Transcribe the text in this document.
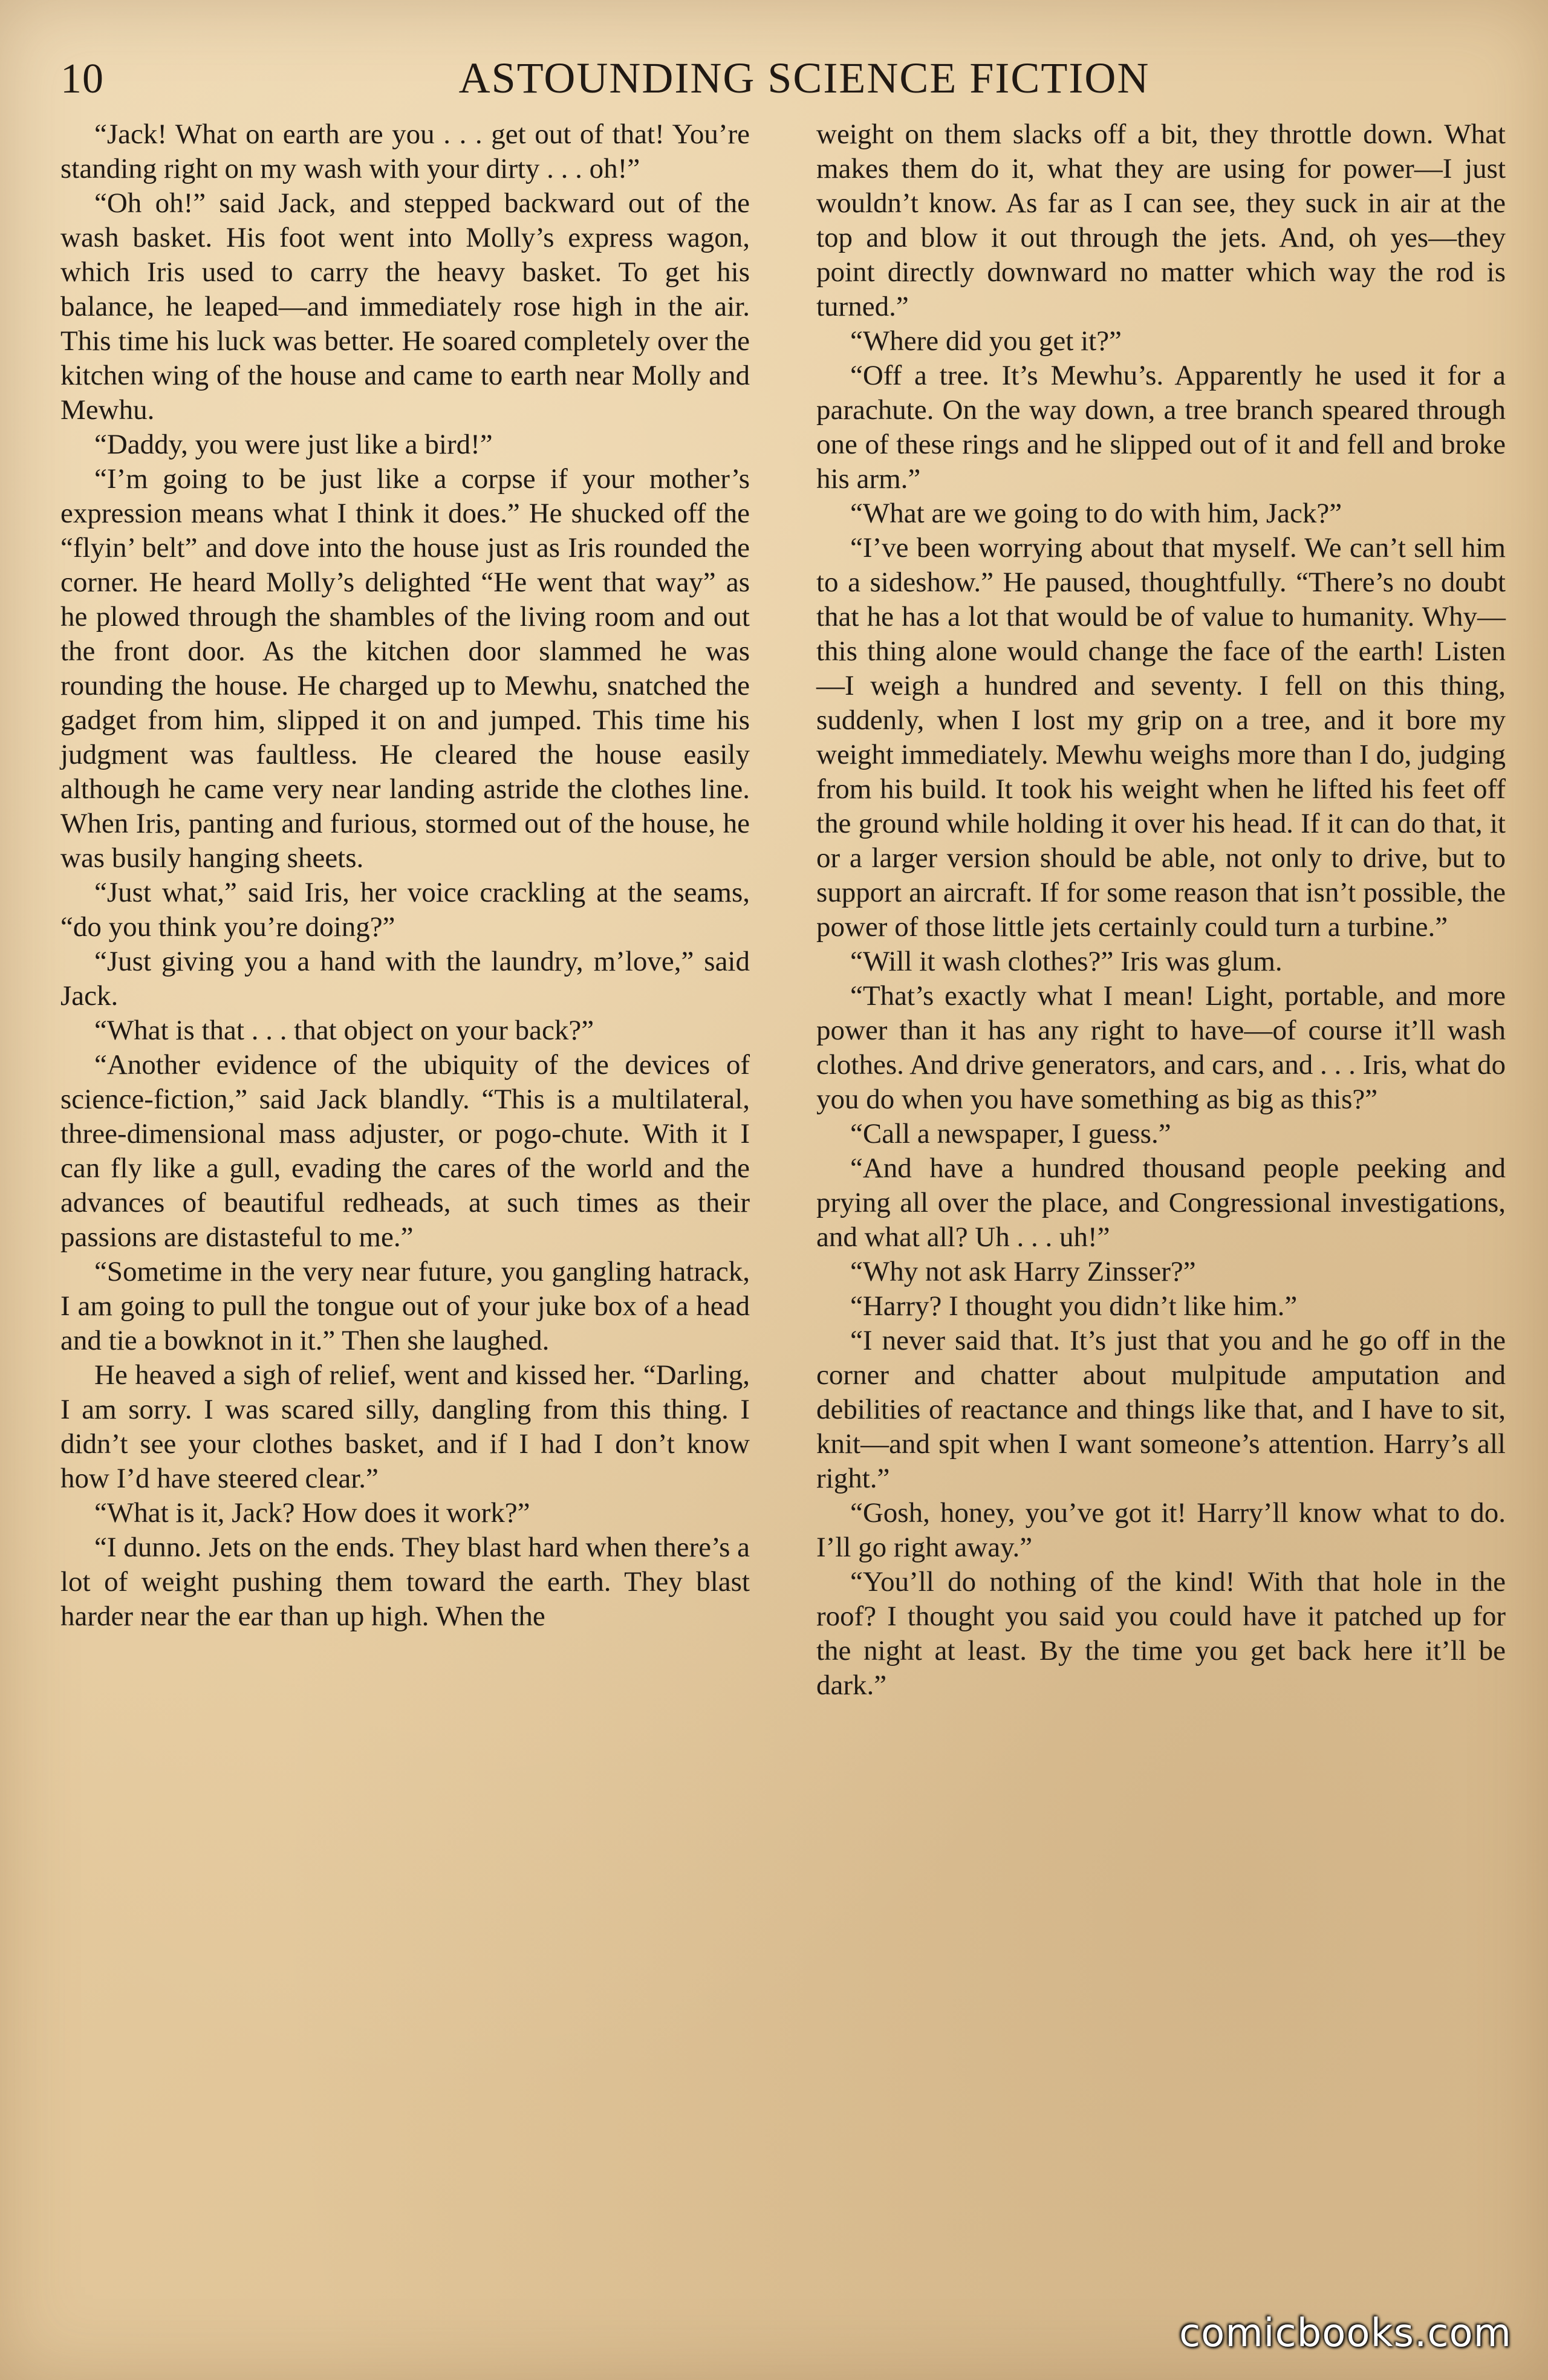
10	ASTOUNDING SCIENCE FICTION

“Jack! What on earth are you . . . get out of that! You’re standing right on my wash with your dirty . . . oh!”

“Oh oh!” said Jack, and stepped backward out of the wash basket. His foot went into Molly’s express wagon, which Iris used to carry the heavy basket. To get his balance, he leaped—and immediately rose high in the air. This time his luck was better. He soared completely over the kitchen wing of the house and came to earth near Molly and Mewhu.

“Daddy, you were just like a bird!”

“I’m going to be just like a corpse if your mother’s expression means what I think it does.” He shucked off the “flyin’ belt” and dove into the house just as Iris rounded the corner. He heard Molly’s delighted “He went that way” as he plowed through the shambles of the living room and out the front door. As the kitchen door slammed he was rounding the house. He charged up to Mewhu, snatched the gadget from him, slipped it on and jumped. This time his judgment was faultless. He cleared the house easily although he came very near landing astride the clothes line. When Iris, panting and furious, stormed out of the house, he was busily hanging sheets.

“Just what,” said Iris, her voice crackling at the seams, “do you think you’re doing?”

“Just giving you a hand with the laundry, m’love,” said Jack.

“What is that . . . that object on your back?”

“Another evidence of the ubiquity of the devices of science-fiction,” said Jack blandly. “This is a multilateral, three-dimensional mass adjuster, or pogo-chute. With it I can fly like a gull, evading the cares of the world and the advances of beautiful redheads, at such times as their passions are distasteful to me.”

“Sometime in the very near future, you gangling hatrack, I am going to pull the tongue out of your juke box of a head and tie a bowknot in it.” Then she laughed.

He heaved a sigh of relief, went and kissed her. “Darling, I am sorry. I was scared silly, dangling from this thing. I didn’t see your clothes basket, and if I had I don’t know how I’d have steered clear.”

“What is it, Jack? How does it work?”

“I dunno. Jets on the ends. They blast hard when there’s a lot of weight pushing them toward the earth. They blast harder near the ear than up high. When the

weight on them slacks off a bit, they throttle down. What makes them do it, what they are using for power—I just wouldn’t know. As far as I can see, they suck in air at the top and blow it out through the jets. And, oh yes—they point directly downward no matter which way the rod is turned.”

“Where did you get it?”

“Off a tree. It’s Mewhu’s. Apparently he used it for a parachute. On the way down, a tree branch speared through one of these rings and he slipped out of it and fell and broke his arm.”

“What are we going to do with him, Jack?”

“I’ve been worrying about that myself. We can’t sell him to a sideshow.” He paused, thoughtfully. “There’s no doubt that he has a lot that would be of value to humanity. Why—this thing alone would change the face of the earth! Listen—I weigh a hundred and seventy. I fell on this thing, suddenly, when I lost my grip on a tree, and it bore my weight immediately. Mewhu weighs more than I do, judging from his build. It took his weight when he lifted his feet off the ground while holding it over his head. If it can do that, it or a larger version should be able, not only to drive, but to support an aircraft. If for some reason that isn’t possible, the power of those little jets certainly could turn a turbine.”

“Will it wash clothes?” Iris was glum.

“That’s exactly what I mean! Light, portable, and more power than it has any right to have—of course it’ll wash clothes. And drive generators, and cars, and . . . Iris, what do you do when you have something as big as this?”

“Call a newspaper, I guess.”

“And have a hundred thousand people peeking and prying all over the place, and Congressional investigations, and what all? Uh . . . uh!”

“Why not ask Harry Zinsser?”

“Harry? I thought you didn’t like him.”

“I never said that. It’s just that you and he go off in the corner and chatter about mulpitude amputation and debilities of reactance and things like that, and I have to sit, knit—and spit when I want someone’s attention. Harry’s all right.”

“Gosh, honey, you’ve got it! Harry’ll know what to do. I’ll go right away.”

“You’ll do nothing of the kind! With that hole in the roof? I thought you said you could have it patched up for the night at least. By the time you get back here it’ll be dark.”

comicbooks.com
